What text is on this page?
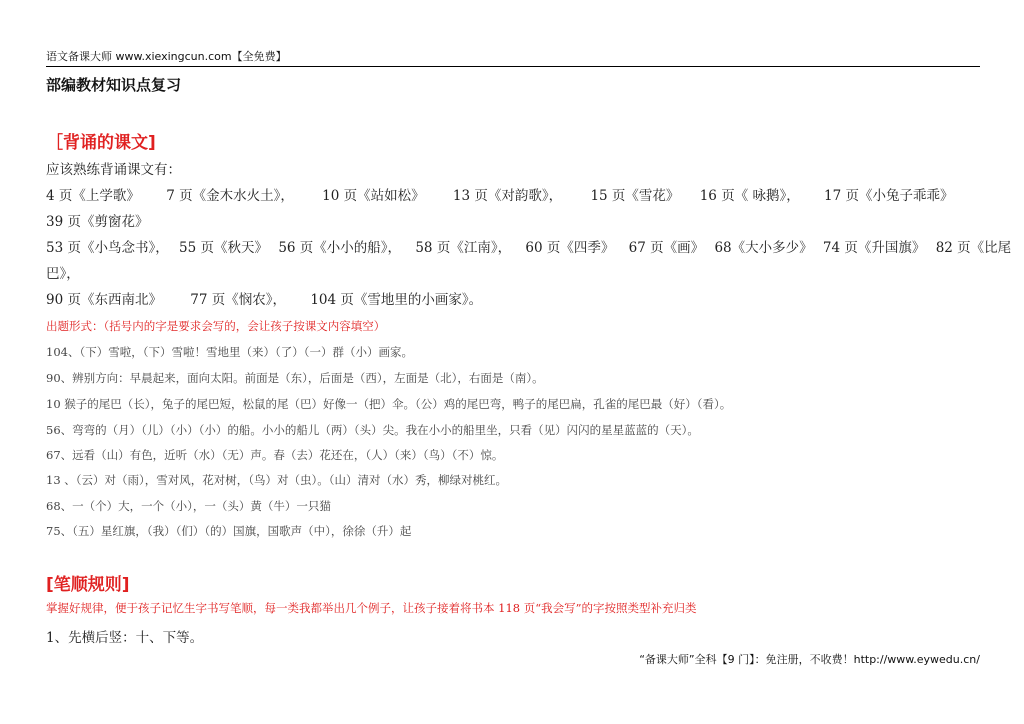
语文备课大师 www.xiexingcun.com【全免费】
部编教材知识点复习
［背诵的课文]
应该熟练背诵课文有：
4 页《上学歌》 7 页《金木水火土》， 10 页《站如松》 13 页《对韵歌》， 15 页《雪花》 16 页《 咏鹅》， 17 页《小兔子乖乖》
39 页《剪窗花》
53 页《小鸟念书》， 55 页《秋天》 56 页《小小的船》， 58 页《江南》， 60 页《四季》 67 页《画》 68《大小多少》 74 页《升国旗》 82 页《比尾
巴》，
90 页《东西南北》 77 页《悯农》， 104 页《雪地里的小画家》。
出题形式：（括号内的字是要求会写的，会让孩子按课文内容填空）
104、（下）雪啦，（下）雪啦！雪地里（来）（了）（一）群（小）画家。
90、辨别方向：早晨起来，面向太阳。前面是（东），后面是（西），左面是（北），右面是（南）。
10 猴子的尾巴（长），兔子的尾巴短，松鼠的尾（巴）好像一（把）伞。（公）鸡的尾巴弯，鸭子的尾巴扁，孔雀的尾巴最（好）（看）。
56、弯弯的（月）（儿）（小）（小）的船。小小的船儿（两）（头）尖。我在小小的船里坐，只看（见）闪闪的星星蓝蓝的（天）。
67、远看（山）有色，近听（水）（无）声。春（去）花还在，（人）（来）（鸟）（不）惊。
13 、（云）对（雨），雪对风，花对树，（鸟）对（虫）。（山）清对（水）秀，柳绿对桃红。
68、一（个）大，一个（小），一（头）黄（牛）一只猫
75、（五）星红旗，（我）（们）（的）国旗，国歌声（中），徐徐（升）起
[笔顺规则]
掌握好规律，便于孩子记忆生字书写笔顺，每一类我都举出几个例子，让孩子接着将书本 118 页“我会写”的字按照类型补充归类
1、先横后竖：十、下等。
“备课大师”全科【9 门】：免注册，不收费！http://www.eywedu.cn/
